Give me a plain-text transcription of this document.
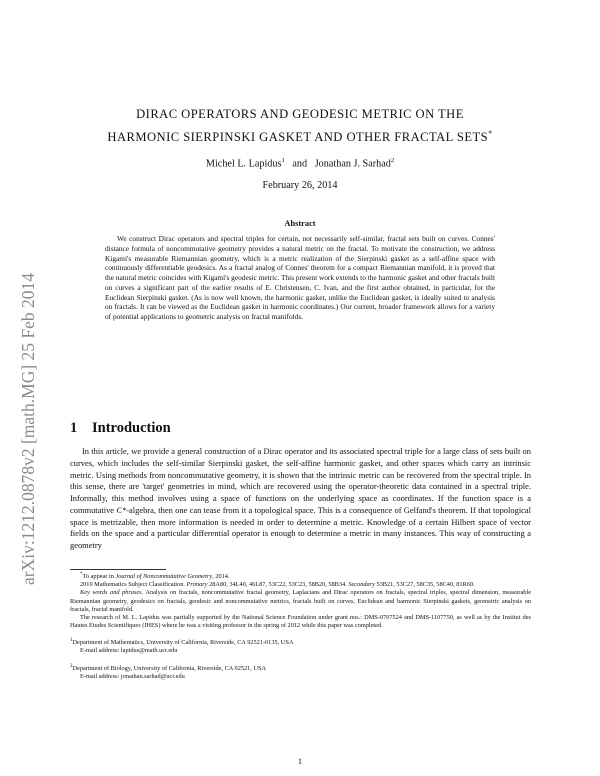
arXiv:1212.0878v2 [math.MG] 25 Feb 2014
DIRAC OPERATORS AND GEODESIC METRIC ON THE
HARMONIC SIERPINSKI GASKET AND OTHER FRACTAL SETS*
Michel L. Lapidus$^1$ and Jonathan J. Sarhad$^2$
February 26, 2014
Abstract

We construct Dirac operators and spectral triples for certain, not necessarily self-similar, fractal sets built on curves. Connes' distance formula of noncommutative geometry provides a natural metric on the fractal. To motivate the construction, we address Kigami's measurable Riemannian geometry, which is a metric realization of the Sierpinski gasket as a self-affine space with continuously differentiable geodesics. As a fractal analog of Connes' theorem for a compact Riemannian manifold, it is proved that the natural metric coincides with Kigami's geodesic metric. This present work extends to the harmonic gasket and other fractals built on curves a significant part of the earlier results of E. Christensen, C. Ivan, and the first author obtained, in particular, for the Euclidean Sierpinski gasket. (As is now well known, the harmonic gasket, unlike the Euclidean gasket, is ideally suited to analysis on fractals. It can be viewed as the Euclidean gasket in harmonic coordinates.) Our current, broader framework allows for a variety of potential applications to geometric analysis on fractal manifolds.

1 Introduction

In this article, we provide a general construction of a Dirac operator and its associated spectral triple for a large class of sets built on curves, which includes the self-similar Sierpinski gasket, the self-affine harmonic gasket, and other spaces which carry an intrinsic metric. Using methods from noncommutative geometry, it is shown that the intrinsic metric can be recovered from the spectral triple. In this sense, there are 'target' geometries in mind, which are recovered using the operator-theoretic data contained in a spectral triple. Informally, this method involves using a space of functions on the underlying space as coordinates. If the function space is a commutative C*-algebra, then one can tease from it a topological space. This is a consequence of Gelfand's theorem. If that topological space is metrizable, then more information is needed in order to determine a metric. Knowledge of a certain Hilbert space of vector fields on the space and a particular differential operator is enough to determine a metric in many instances. This way of constructing a geometry

*To appear in Journal of Noncommutative Geometry, 2014.

2010 Mathematics Subject Classification. Primary 28A80, 34L40, 46L87, 53C22, 53C23, 58B20, 58B34. Secondary 53B21, 53C27, 58C35, 58C40, 81R60.

Key words and phrases. Analysis on fractals, noncommutative fractal geometry, Laplacians and Dirac operators on fractals, spectral triples, spectral dimension, measurable Riemannian geometry, geodesics on fractals, geodesic and noncommutative metrics, fractals built on curves, Euclidean and harmonic Sierpinski gaskets, geometric analysis on fractals, fractal manifold.

The research of M. L. Lapidus was partially supported by the National Science Foundation under grant nos.: DMS-0707524 and DMS-1107750, as well as by the Institut des Hautes Etudes Scientifiques (IHES) where he was a visiting professor in the spring of 2012 while this paper was completed.

$^1$Department of Mathematics, University of California, Riverside, CA 92521-0135, USA

E-mail address: lapidus@math.ucr.edu

$^2$Department of Biology, University of California, Riverside, CA 92521, USA

E-mail address: jonathan.sarhad@ucr.edu

1
